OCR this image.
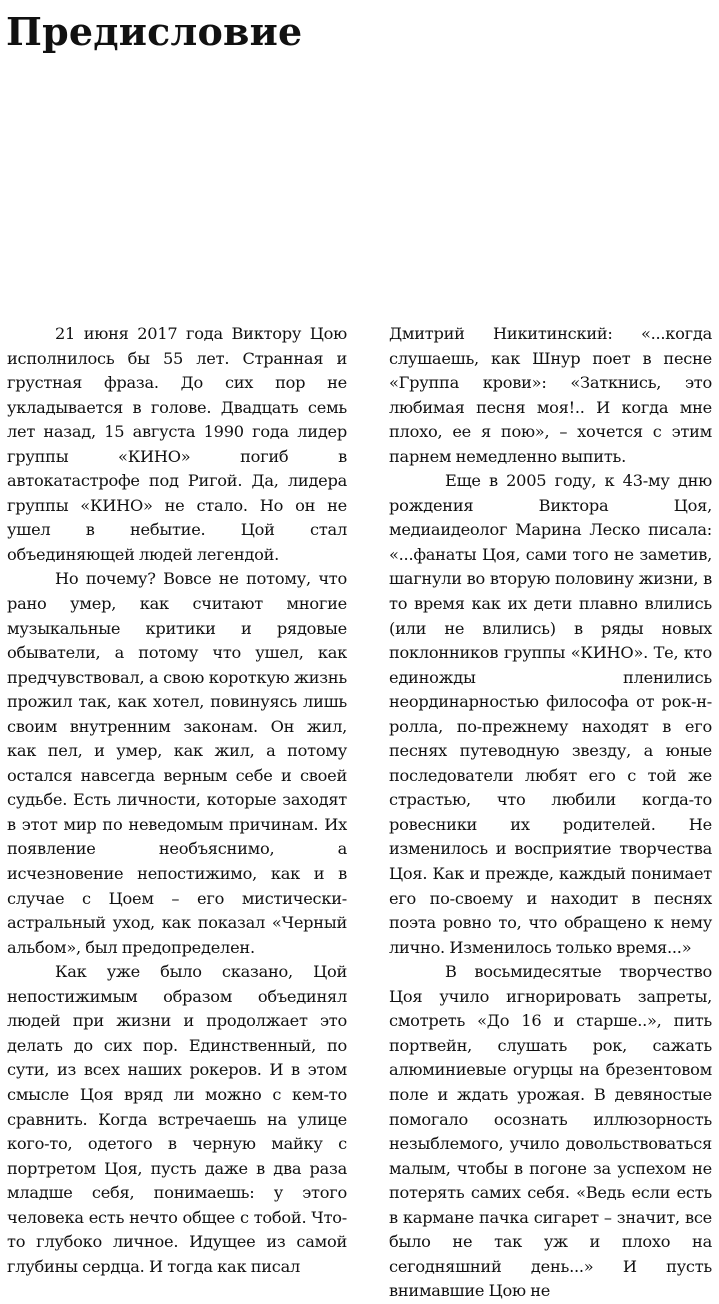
Предисловие

21 июня 2017 года Виктору Цою исполнилось бы 55 лет. Странная и грустная фраза. До сих пор не укладывается в голове. Двадцать семь лет назад, 15 августа 1990 года лидер группы «КИНО» погиб в автокатастрофе под Ригой. Да, лидера группы «КИНО» не стало. Но он не ушел в небытие. Цой стал объединяющей людей легендой.

Но почему? Вовсе не потому, что рано умер, как считают многие музыкальные критики и рядовые обыватели, а потому что ушел, как предчувствовал, а свою короткую жизнь прожил так, как хотел, повинуясь лишь своим внутренним законам. Он жил, как пел, и умер, как жил, а потому остался навсегда верным себе и своей судьбе. Есть личности, которые заходят в этот мир по неведомым причинам. Их появление необъяснимо, а исчезновение непостижимо, как и в случае с Цоем – его мистически-астральный уход, как показал «Черный альбом», был предопределен.

Как уже было сказано, Цой непостижимым образом объединял людей при жизни и продолжает это делать до сих пор. Единственный, по сути, из всех наших рокеров. И в этом смысле Цоя вряд ли можно с кем-то сравнить. Когда встречаешь на улице кого-то, одетого в черную майку с портретом Цоя, пусть даже в два раза младше себя, понимаешь: у этого человека есть нечто общее с тобой. Что-то глубоко личное. Идущее из самой глубины сердца. И тогда как писал

Дмитрий Никитинский: «...когда слушаешь, как Шнур поет в песне «Группа крови»: «Заткнись, это любимая песня моя!.. И когда мне плохо, ее я пою», – хочется с этим парнем немедленно выпить.

Еще в 2005 году, к 43-му дню рождения Виктора Цоя, медиаидеолог Марина Леско писала: «...фанаты Цоя, сами того не заметив, шагнули во вторую половину жизни, в то время как их дети плавно влились (или не влились) в ряды новых поклонников группы «КИНО». Те, кто единожды пленились неординарностью философа от рок-н-ролла, по-прежнему находят в его песнях путеводную звезду, а юные последователи любят его с той же страстью, что любили когда-то ровесники их родителей. Не изменилось и восприятие творчества Цоя. Как и прежде, каждый понимает его по-своему и находит в песнях поэта ровно то, что обращено к нему лично. Изменилось только время...»

В восьмидесятые творчество Цоя учило игнорировать запреты, смотреть «До 16 и старше..», пить портвейн, слушать рок, сажать алюминиевые огурцы на брезентовом поле и ждать урожая. В девяностые помогало осознать иллюзорность незыблемого, учило довольствоваться малым, чтобы в погоне за успехом не потерять самих себя. «Ведь если есть в кармане пачка сигарет – значит, все было не так уж и плохо на сегодняшний день...» И пусть внимавшие Цою не
